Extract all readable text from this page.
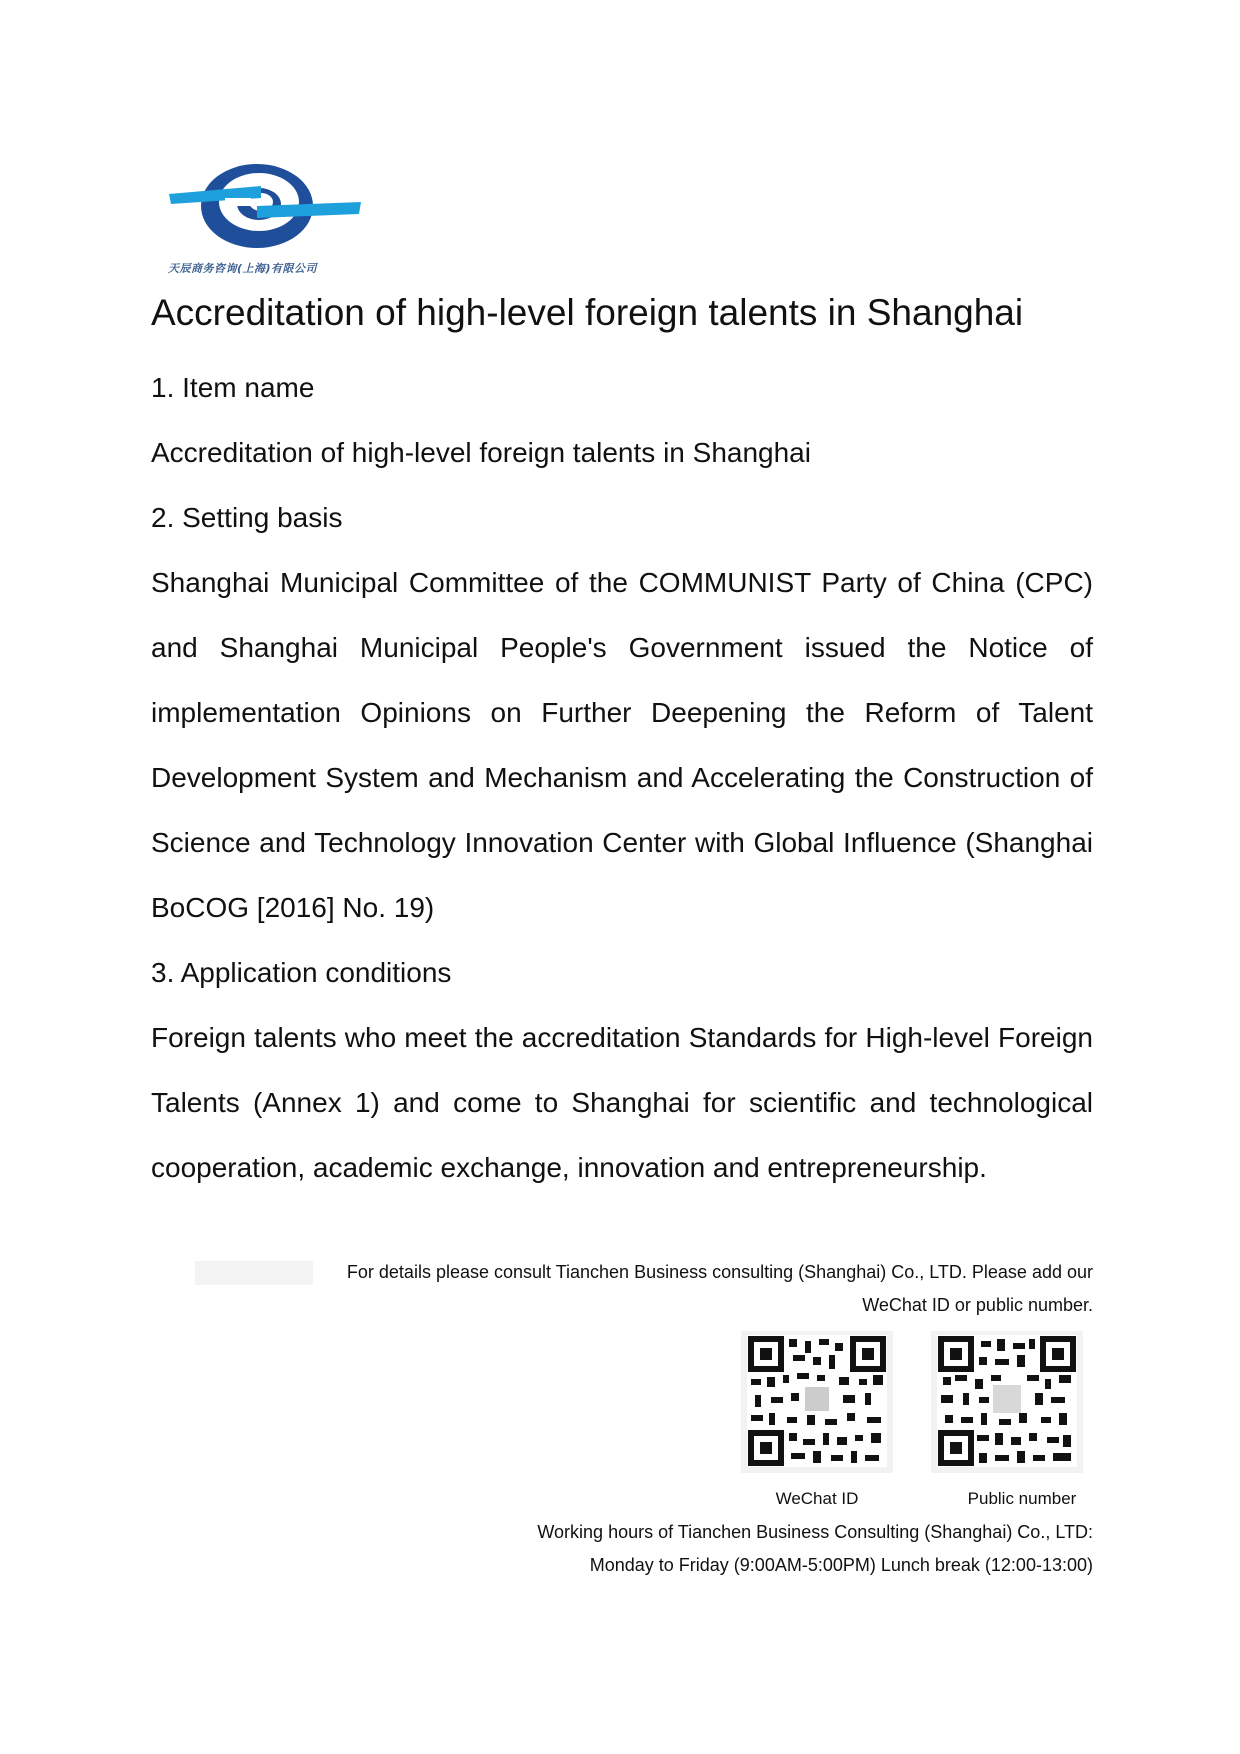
天辰商务咨询(上海)有限公司
Accreditation of high-level foreign talents in Shanghai

1. Item name

Accreditation of high-level foreign talents in Shanghai

2. Setting basis

Shanghai Municipal Committee of the COMMUNIST Party of China (CPC) and Shanghai Municipal People's Government issued the Notice of implementation Opinions on Further Deepening the Reform of Talent Development System and Mechanism and Accelerating the Construction of Science and Technology Innovation Center with Global Influence (Shanghai BoCOG [2016] No. 19)

3. Application conditions

Foreign talents who meet the accreditation Standards for High-level Foreign Talents (Annex 1) and come to Shanghai for scientific and technological cooperation, academic exchange, innovation and entrepreneurship.

For details please consult Tianchen Business consulting (Shanghai) Co., LTD. Please add our
WeChat ID or public number.
WeChat ID	Public number
Working hours of Tianchen Business Consulting (Shanghai) Co., LTD:
Monday to Friday (9:00AM-5:00PM) Lunch break (12:00-13:00)
